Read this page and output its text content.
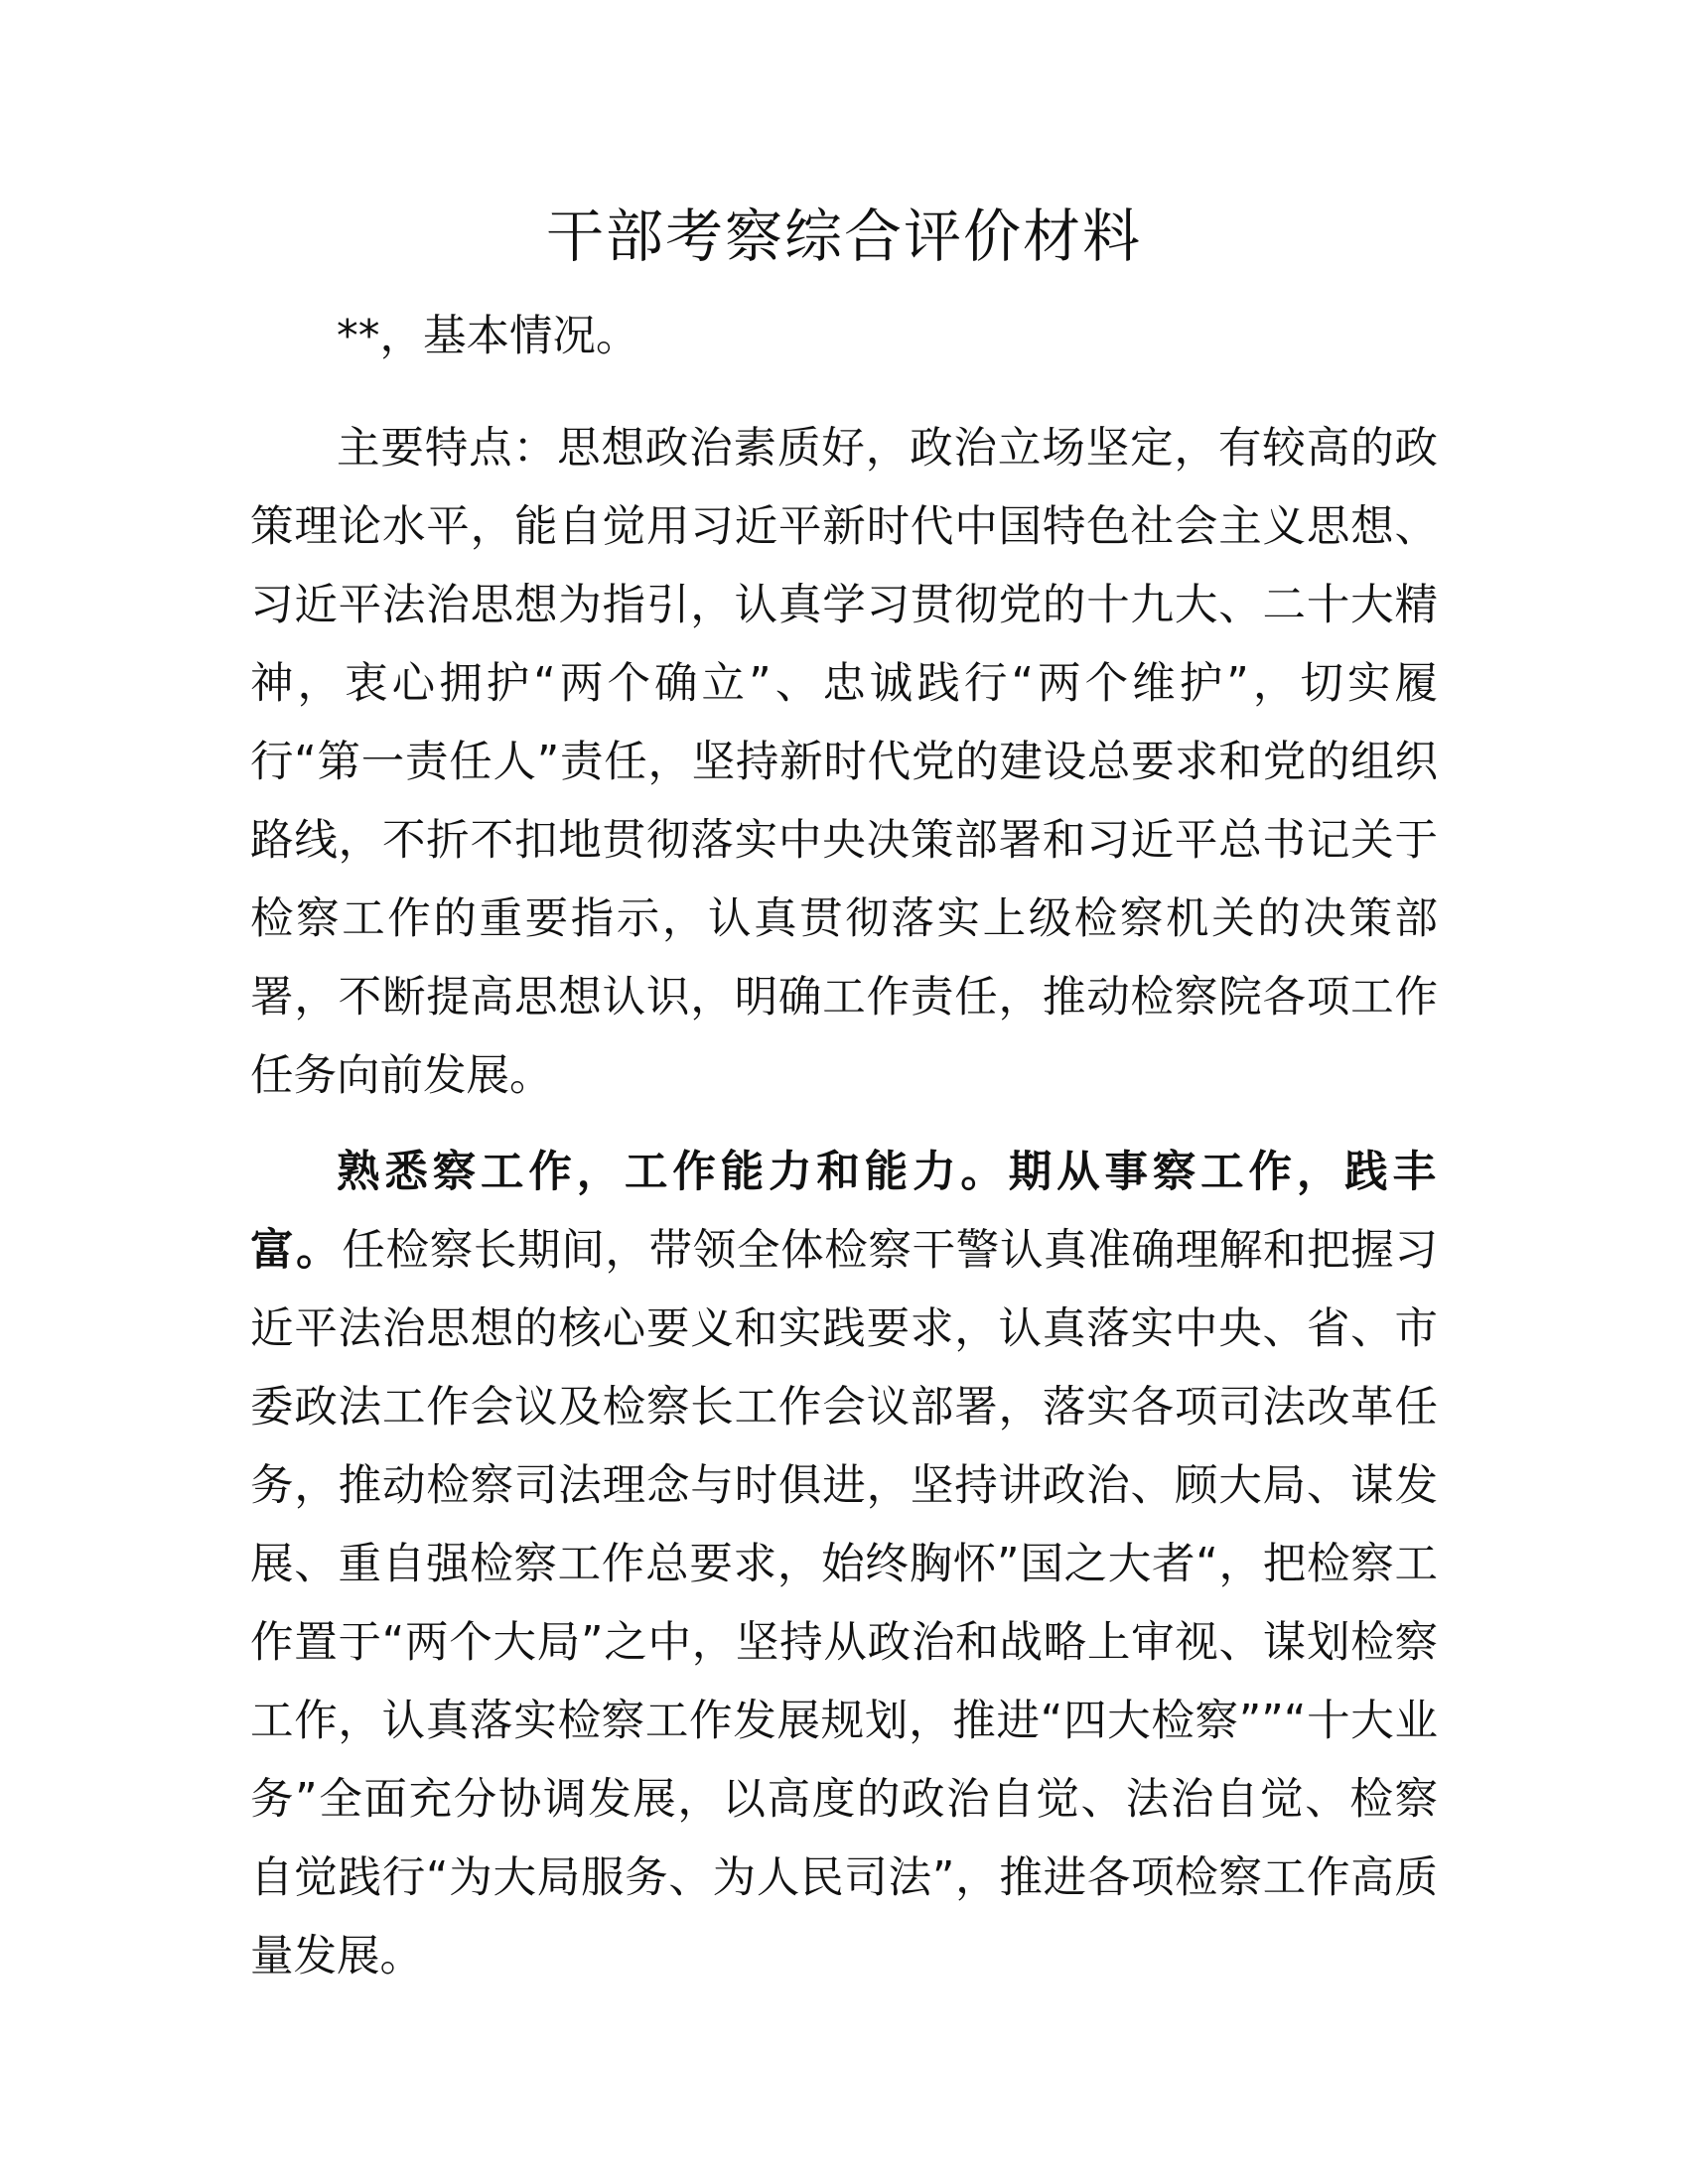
干部考察综合评价材料

**，基本情况。

主要特点：思想政治素质好，政治立场坚定，有较高的政策理论水平，能自觉用习近平新时代中国特色社会主义思想、习近平法治思想为指引，认真学习贯彻党的十九大、二十大精神，衷心拥护“两个确立”、忠诚践行“两个维护”，切实履行“第一责任人”责任，坚持新时代党的建设总要求和党的组织路线，不折不扣地贯彻落实中央决策部署和习近平总书记关于检察工作的重要指示，认真贯彻落实上级检察机关的决策部署，不断提高思想认识，明确工作责任，推动检察院各项工作任务向前发展。

熟悉察工作，工作能力和能力。期从事察工作，践丰富。任检察长期间，带领全体检察干警认真准确理解和把握习近平法治思想的核心要义和实践要求，认真落实中央、省、市委政法工作会议及检察长工作会议部署，落实各项司法改革任务，推动检察司法理念与时俱进，坚持讲政治、顾大局、谋发展、重自强检察工作总要求，始终胸怀”国之大者“，把检察工作置于“两个大局”之中，坚持从政治和战略上审视、谋划检察工作，认真落实检察工作发展规划，推进“四大检察””“十大业务”全面充分协调发展，以高度的政治自觉、法治自觉、检察自觉践行“为大局服务、为人民司法”，推进各项检察工作高质量发展。
